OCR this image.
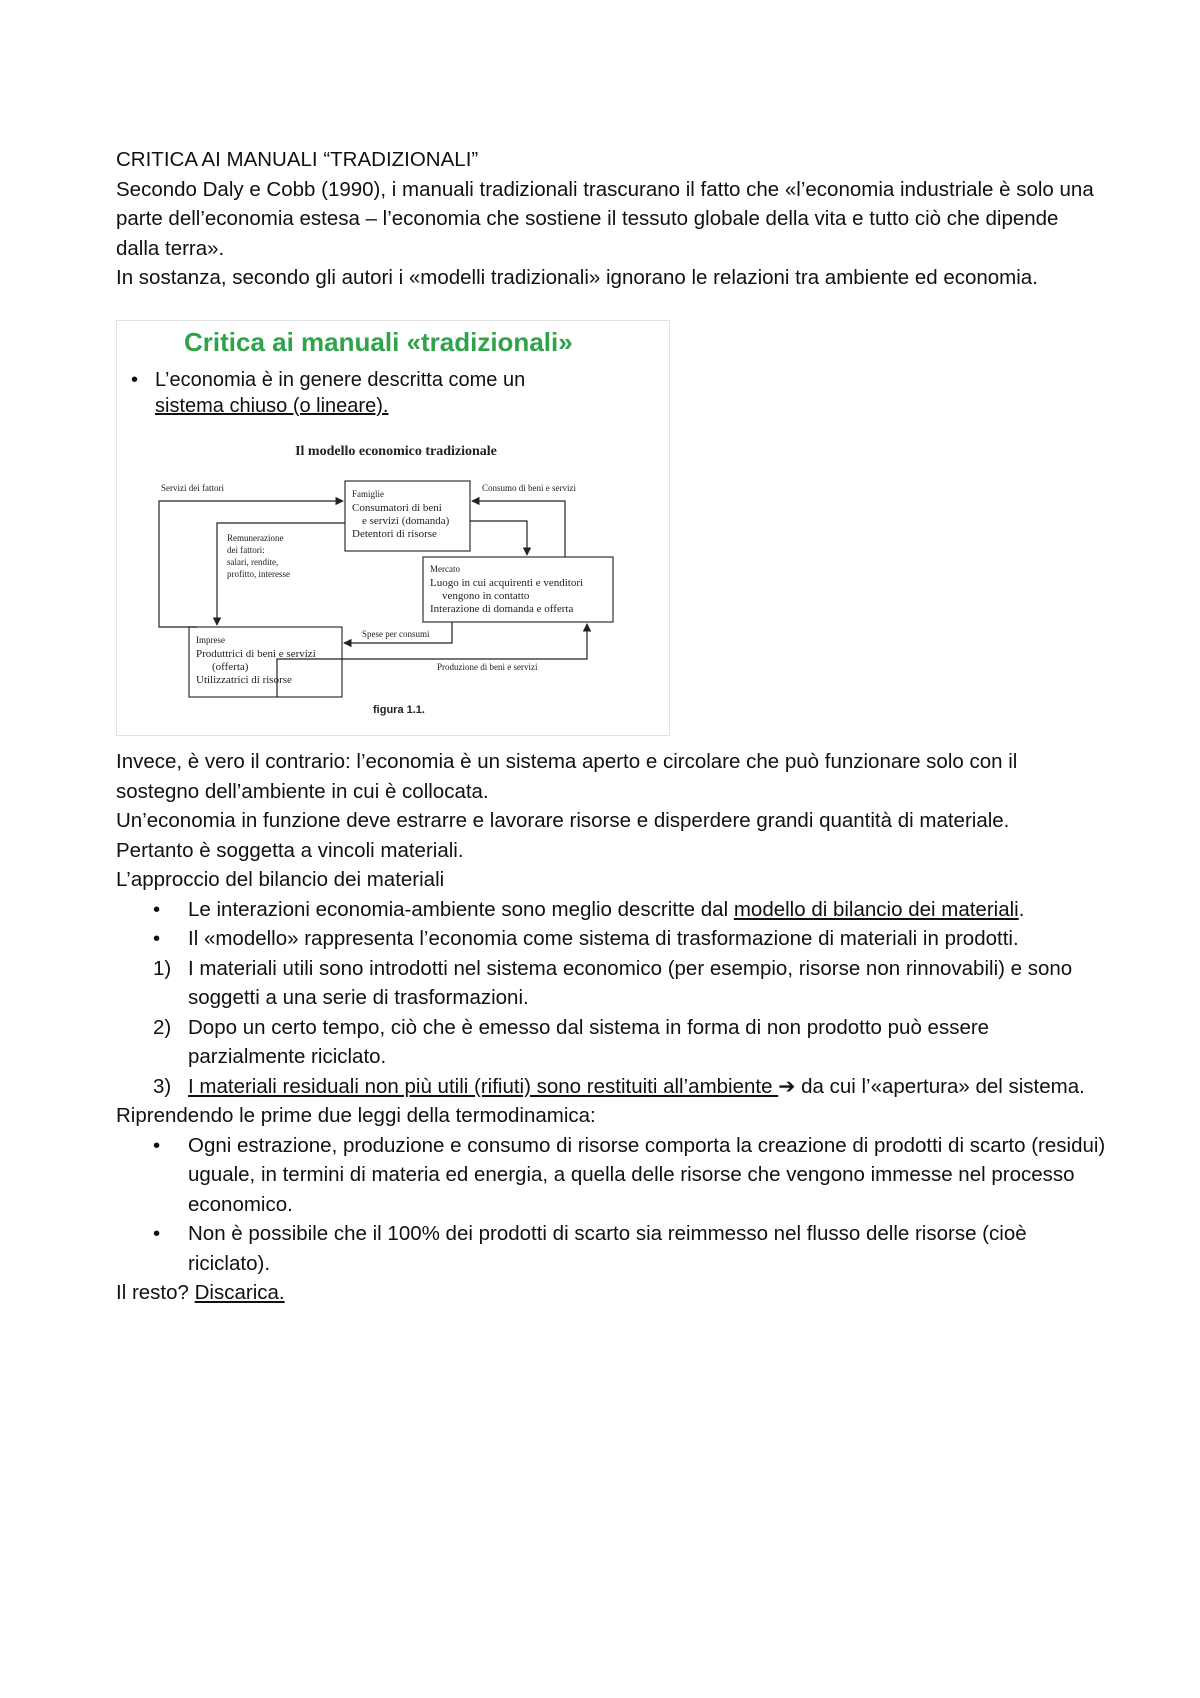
CRITICA AI MANUALI “TRADIZIONALI”

Secondo Daly e Cobb (1990), i manuali tradizionali trascurano il fatto che «l’economia industriale è solo una parte dell’economia estesa – l’economia che sostiene il tessuto globale della vita e tutto ciò che dipende dalla terra».

In sostanza, secondo gli autori i «modelli tradizionali» ignorano le relazioni tra ambiente ed economia.

Critica ai manuali «tradizionali»

• L’economia è in genere descritta come un
sistema chiuso (o lineare).
Il modello economico tradizionale
Famiglie
Consumatori di beni
e servizi (domanda)
Detentori di risorse
Mercato
Luogo in cui acquirenti e venditori
vengono in contatto
Interazione di domanda e offerta
Imprese
Produttrici di beni e servizi
(offerta)
Utilizzatrici di risorse
Servizi dei fattori	Consumo di beni e servizi
Remunerazione
dei fattori:
salari, rendite,
profitto, interesse
Spese per consumi
Produzione di beni e servizi
figura 1.1.

Invece, è vero il contrario: l’economia è un sistema aperto e circolare che può funzionare solo con il sostegno dell’ambiente in cui è collocata.

Un’economia in funzione deve estrarre e lavorare risorse e disperdere grandi quantità di materiale.

Pertanto è soggetta a vincoli materiali.

L’approccio del bilancio dei materiali

• Le interazioni economia-ambiente sono meglio descritte dal modello di bilancio dei materiali.
• Il «modello» rappresenta l’economia come sistema di trasformazione di materiali in prodotti.
1) I materiali utili sono introdotti nel sistema economico (per esempio, risorse non rinnovabili) e sono soggetti a una serie di trasformazioni.
2) Dopo un certo tempo, ciò che è emesso dal sistema in forma di non prodotto può essere parzialmente riciclato.
3) I materiali residuali non più utili (rifiuti) sono restituiti all’ambiente ➔ da cui l’«apertura» del sistema.

Riprendendo le prime due leggi della termodinamica:

• Ogni estrazione, produzione e consumo di risorse comporta la creazione di prodotti di scarto (residui) uguale, in termini di materia ed energia, a quella delle risorse che vengono immesse nel processo economico.
• Non è possibile che il 100% dei prodotti di scarto sia reimmesso nel flusso delle risorse (cioè riciclato).

Il resto? Discarica.
